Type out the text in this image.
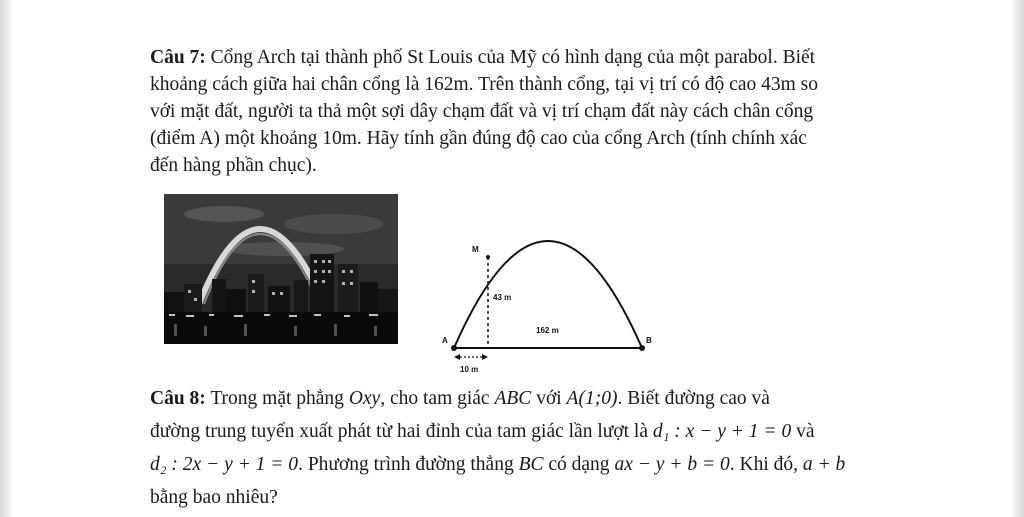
Câu 7: Cổng Arch tại thành phố St Louis của Mỹ có hình dạng của một parabol. Biết
khoảng cách giữa hai chân cổng là 162m. Trên thành cổng, tại vị trí có độ cao 43m so
với mặt đất, người ta thả một sợi dây chạm đất và vị trí chạm đất này cách chân cổng
(điểm A) một khoảng 10m. Hãy tính gần đúng độ cao của cổng Arch (tính chính xác
đến hàng phần chục).
M
A	B
43 m
162 m
10 m
Câu 8: Trong mặt phẳng Oxy, cho tam giác ABC với A(1;0). Biết đường cao và
đường trung tuyến xuất phát từ hai đỉnh của tam giác lần lượt là d₁ : x − y + 1 = 0 và
d₂ : 2x − y + 1 = 0. Phương trình đường thẳng BC có dạng ax − y + b = 0. Khi đó, a + b
bằng bao nhiêu?
